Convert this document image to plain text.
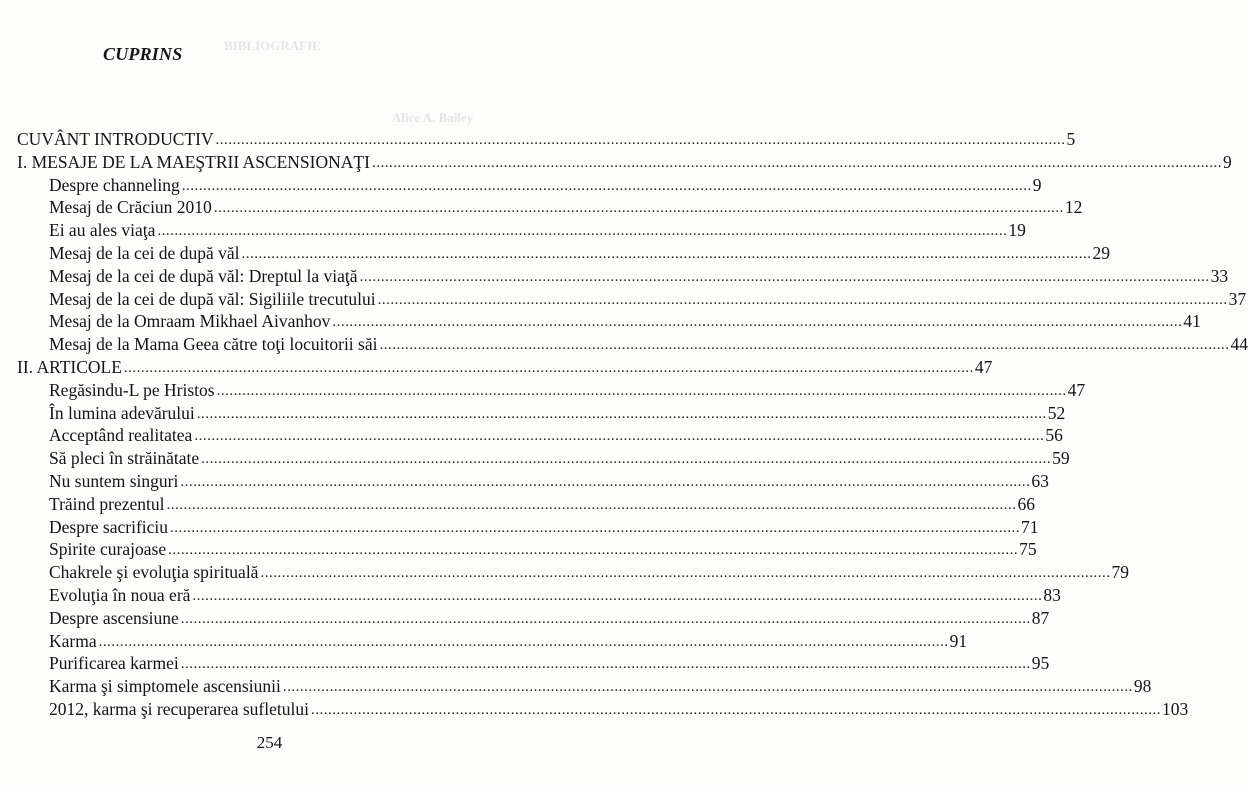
BIBLIOGRAFIE
Alice A. Bailey
CUPRINS
CUVÂNT INTRODUCTIV ........................................................................................................................................................................................................ 5
I. MESAJE DE LA MAEŞTRII ASCENSIONAŢI ........................................................................................................................................................................................................ 9
Despre channeling ........................................................................................................................................................................................................ 9
Mesaj de Crăciun 2010 ........................................................................................................................................................................................................ 12
Ei au ales viaţa ........................................................................................................................................................................................................ 19
Mesaj de la cei de după văl ........................................................................................................................................................................................................ 29
Mesaj de la cei de după văl: Dreptul la viaţă ........................................................................................................................................................................................................ 33
Mesaj de la cei de după văl: Sigiliile trecutului ........................................................................................................................................................................................................ 37
Mesaj de la Omraam Mikhael Aivanhov ........................................................................................................................................................................................................ 41
Mesaj de la Mama Geea către toţi locuitorii săi ........................................................................................................................................................................................................ 44
II. ARTICOLE ........................................................................................................................................................................................................ 47
Regăsindu-L pe Hristos ........................................................................................................................................................................................................ 47
În lumina adevărului ........................................................................................................................................................................................................ 52
Acceptând realitatea ........................................................................................................................................................................................................ 56
Să pleci în străinătate ........................................................................................................................................................................................................ 59
Nu suntem singuri ........................................................................................................................................................................................................ 63
Trăind prezentul ........................................................................................................................................................................................................ 66
Despre sacrificiu ........................................................................................................................................................................................................ 71
Spirite curajoase ........................................................................................................................................................................................................ 75
Chakrele şi evoluţia spirituală ........................................................................................................................................................................................................ 79
Evoluţia în noua eră ........................................................................................................................................................................................................ 83
Despre ascensiune ........................................................................................................................................................................................................ 87
Karma ........................................................................................................................................................................................................ 91
Purificarea karmei ........................................................................................................................................................................................................ 95
Karma şi simptomele ascensiunii ........................................................................................................................................................................................................ 98
2012, karma şi recuperarea sufletului ........................................................................................................................................................................................................ 103
254
